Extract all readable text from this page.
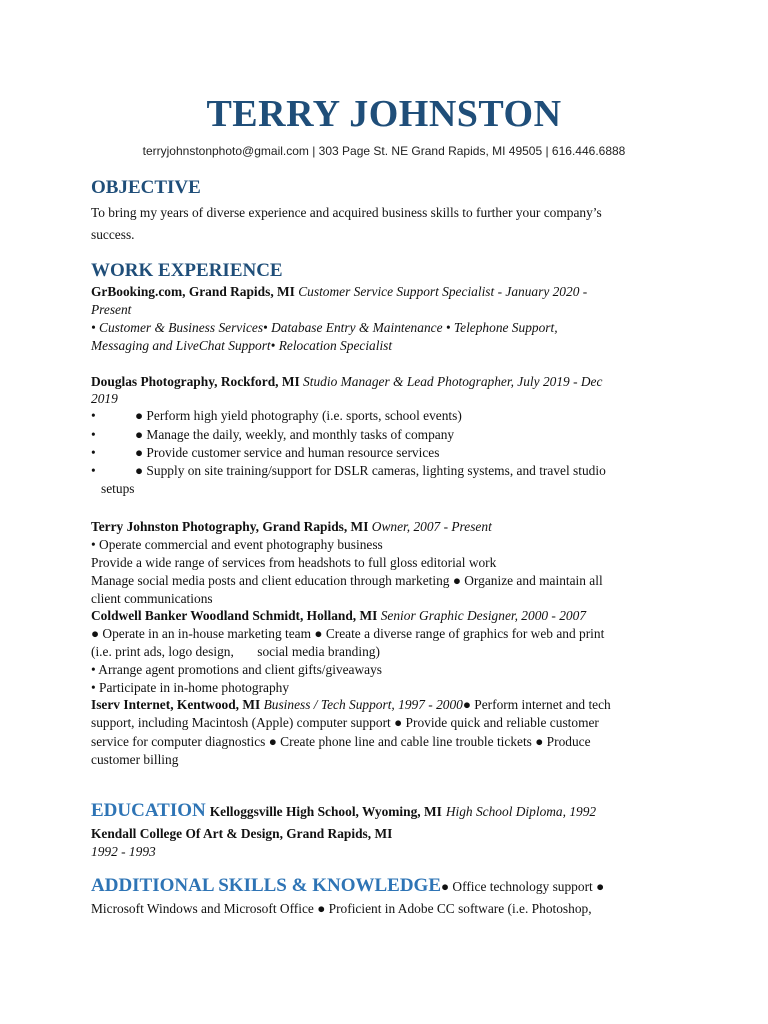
TERRY JOHNSTON
terryjohnstonphoto@gmail.com | 303 Page St. NE Grand Rapids, MI 49505 | 616.446.6888
OBJECTIVE
To bring my years of diverse experience and acquired business skills to further your company’s
success.
WORK EXPERIENCE
GrBooking.com, Grand Rapids, MI Customer Service Support Specialist - January 2020 -
Present
• Customer & Business Services• Database Entry & Maintenance • Telephone Support,
Messaging and LiveChat Support• Relocation Specialist
Douglas Photography, Rockford, MI Studio Manager & Lead Photographer, July 2019 - Dec
2019
•	● Perform high yield photography (i.e. sports, school events)
•	● Manage the daily, weekly, and monthly tasks of company
•	● Provide customer service and human resource services
•	● Supply on site training/support for DSLR cameras, lighting systems, and travel studio
setups
Terry Johnston Photography, Grand Rapids, MI Owner, 2007 - Present
• Operate commercial and event photography business
Provide a wide range of services from headshots to full gloss editorial work
Manage social media posts and client education through marketing ● Organize and maintain all
client communications
Coldwell Banker Woodland Schmidt, Holland, MI Senior Graphic Designer, 2000 - 2007
● Operate in an in-house marketing team ● Create a diverse range of graphics for web and print
(i.e. print ads, logo design,       social media branding)
• Arrange agent promotions and client gifts/giveaways
• Participate in in-home photography
Iserv Internet, Kentwood, MI Business / Tech Support, 1997 - 2000● Perform internet and tech
support, including Macintosh (Apple) computer support ● Provide quick and reliable customer
service for computer diagnostics ● Create phone line and cable line trouble tickets ● Produce
customer billing
EDUCATION Kelloggsville High School, Wyoming, MI High School Diploma, 1992
Kendall College Of Art & Design, Grand Rapids, MI
1992 - 1993
ADDITIONAL SKILLS & KNOWLEDGE● Office technology support ●
Microsoft Windows and Microsoft Office ● Proficient in Adobe CC software (i.e. Photoshop,
